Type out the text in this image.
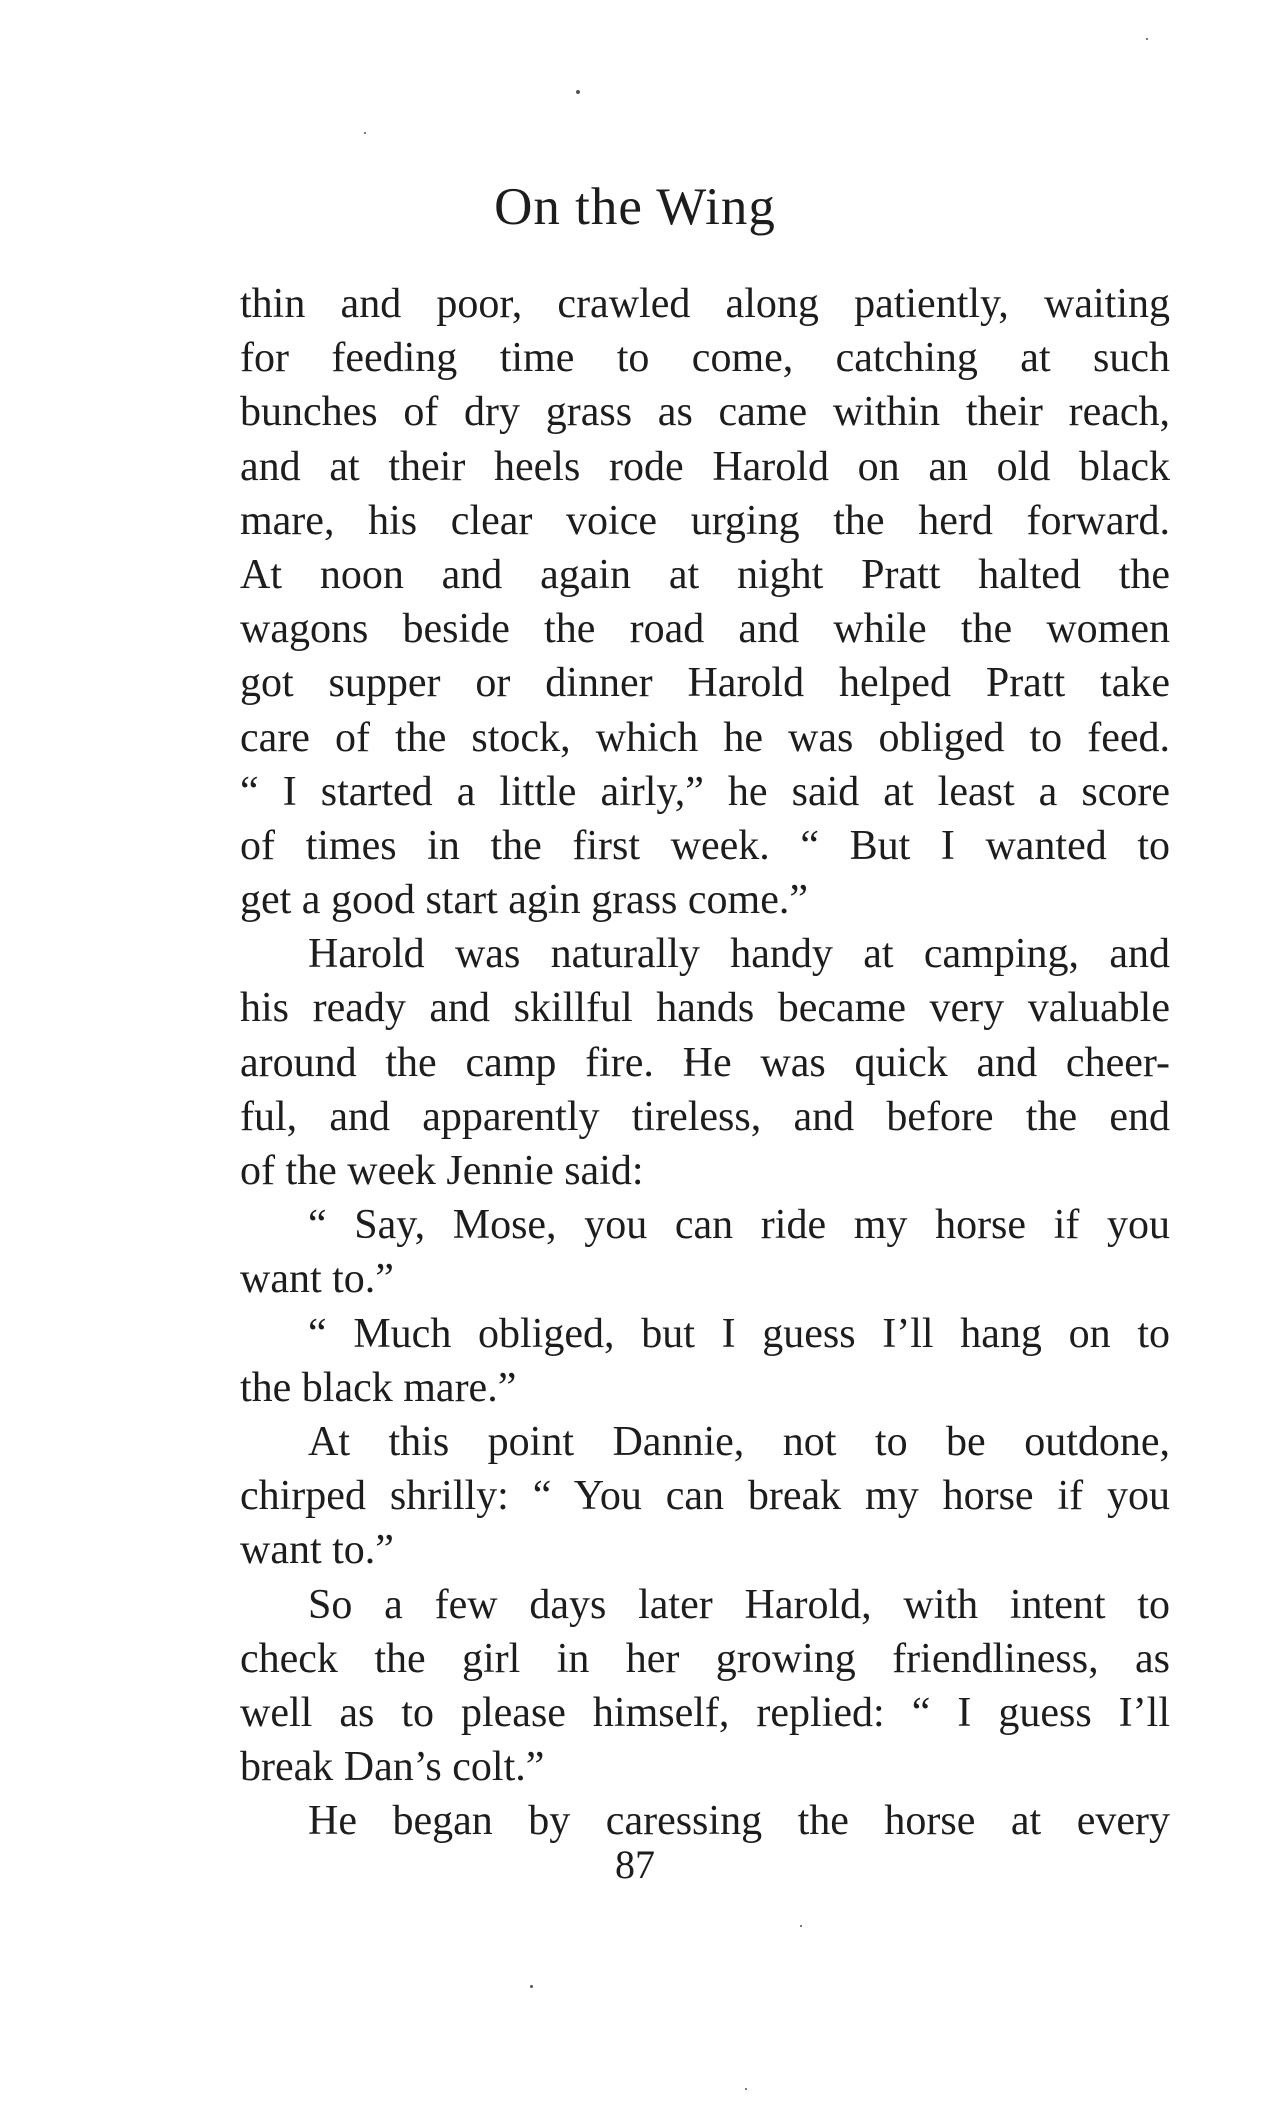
On the Wing
thin and poor, crawled along patiently, waiting
for feeding time to come, catching at such
bunches of dry grass as came within their reach,
and at their heels rode Harold on an old black
mare, his clear voice urging the herd forward.
At noon and again at night Pratt halted the
wagons beside the road and while the women
got supper or dinner Harold helped Pratt take
care of the stock, which he was obliged to feed.
“ I started a little airly,” he said at least a score
of times in the first week. “ But I wanted to
get a good start agin grass come.”
Harold was naturally handy at camping, and
his ready and skillful hands became very valuable
around the camp fire. He was quick and cheer-
ful, and apparently tireless, and before the end
of the week Jennie said:
“ Say, Mose, you can ride my horse if you
want to.”
“ Much obliged, but I guess I’ll hang on to
the black mare.”
At this point Dannie, not to be outdone,
chirped shrilly: “ You can break my horse if you
want to.”
So a few days later Harold, with intent to
check the girl in her growing friendliness, as
well as to please himself, replied: “ I guess I’ll
break Dan’s colt.”
He began by caressing the horse at every
87
